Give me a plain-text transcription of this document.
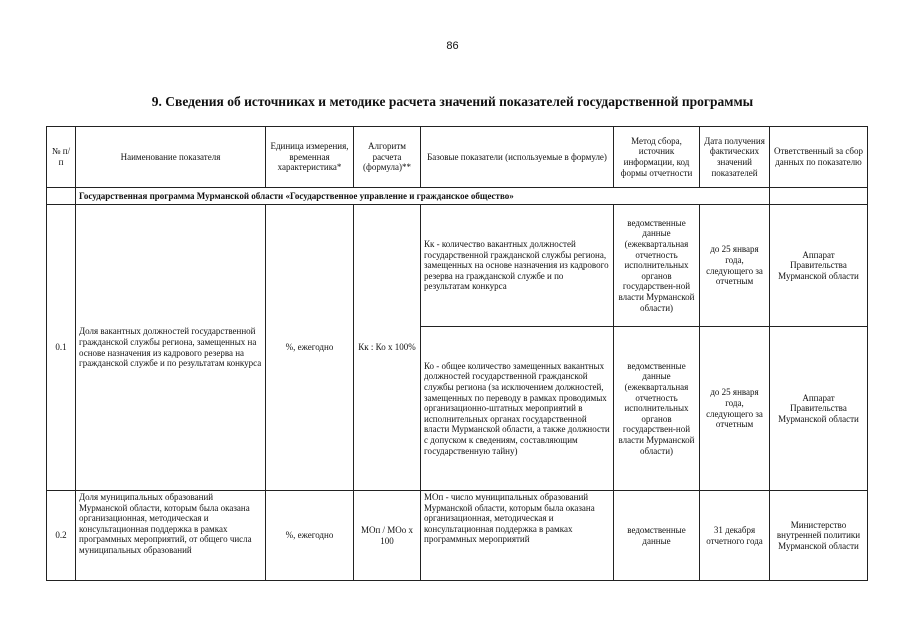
86
9. Сведения об источниках и методике расчета значений показателей государственной программы
№ п/п	Наименование показателя	Единица измерения, временная характеристика*	Алгоритм расчета (формула)**	Базовые показатели (используемые в формуле)	Метод сбора, источник информации, код формы отчетности	Дата получения фактических значений показателей	Ответственный за сбор данных по показателю
	Государственная программа Мурманской области «Государственное управление и гражданское общество»						
0.1	Доля вакантных должностей государственной гражданской службы региона, замещенных на основе назначения из кадрового резерва на гражданской службе и по результатам конкурса	%, ежегодно	Кк : Ко x 100%	Кк - количество вакантных должностей государственной гражданской службы региона, замещенных на основе назначения из кадрового резерва на гражданской службе и по результатам конкурса	ведомственные данные (ежеквартальная отчетность исполнительных органов государствен-ной власти Мурманской области)	до 25 января года, следующего за отчетным	Аппарат Правительства Мурманской области
				Ко - общее количество замещенных вакантных должностей государственной гражданской службы региона (за исключением должностей, замещенных по переводу в рамках проводимых организационно-штатных мероприятий в исполнительных органах государственной власти Мурманской области, а также должности с допуском к сведениям, составляющим государственную тайну)	ведомственные данные (ежеквартальная отчетность исполнительных органов государствен-ной власти Мурманской области)	до 25 января года, следующего за отчетным	Аппарат Правительства Мурманской области
0.2	Доля муниципальных образований Мурманской области, которым была оказана организационная, методическая и консультационная поддержка в рамках программных мероприятий, от общего числа муниципальных образований	%, ежегодно	МОп / МОо x 100	МОп - число муниципальных образований Мурманской области, которым была оказана организационная, методическая и консультационная поддержка в рамках программных мероприятий	ведомственные данные	31 декабря отчетного года	Министерство внутренней политики Мурманской области
